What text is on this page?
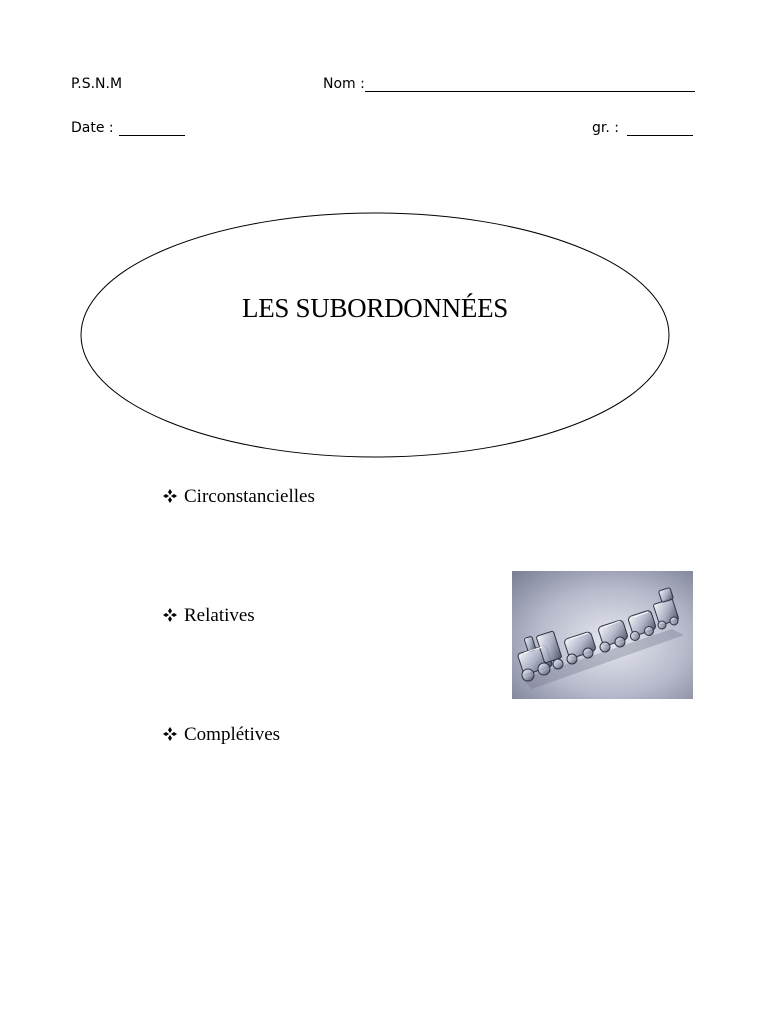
P.S.N.M	Nom :
Date :	gr. :
LES SUBORDONNÉES
Circonstancielles
Relatives
Complétives
